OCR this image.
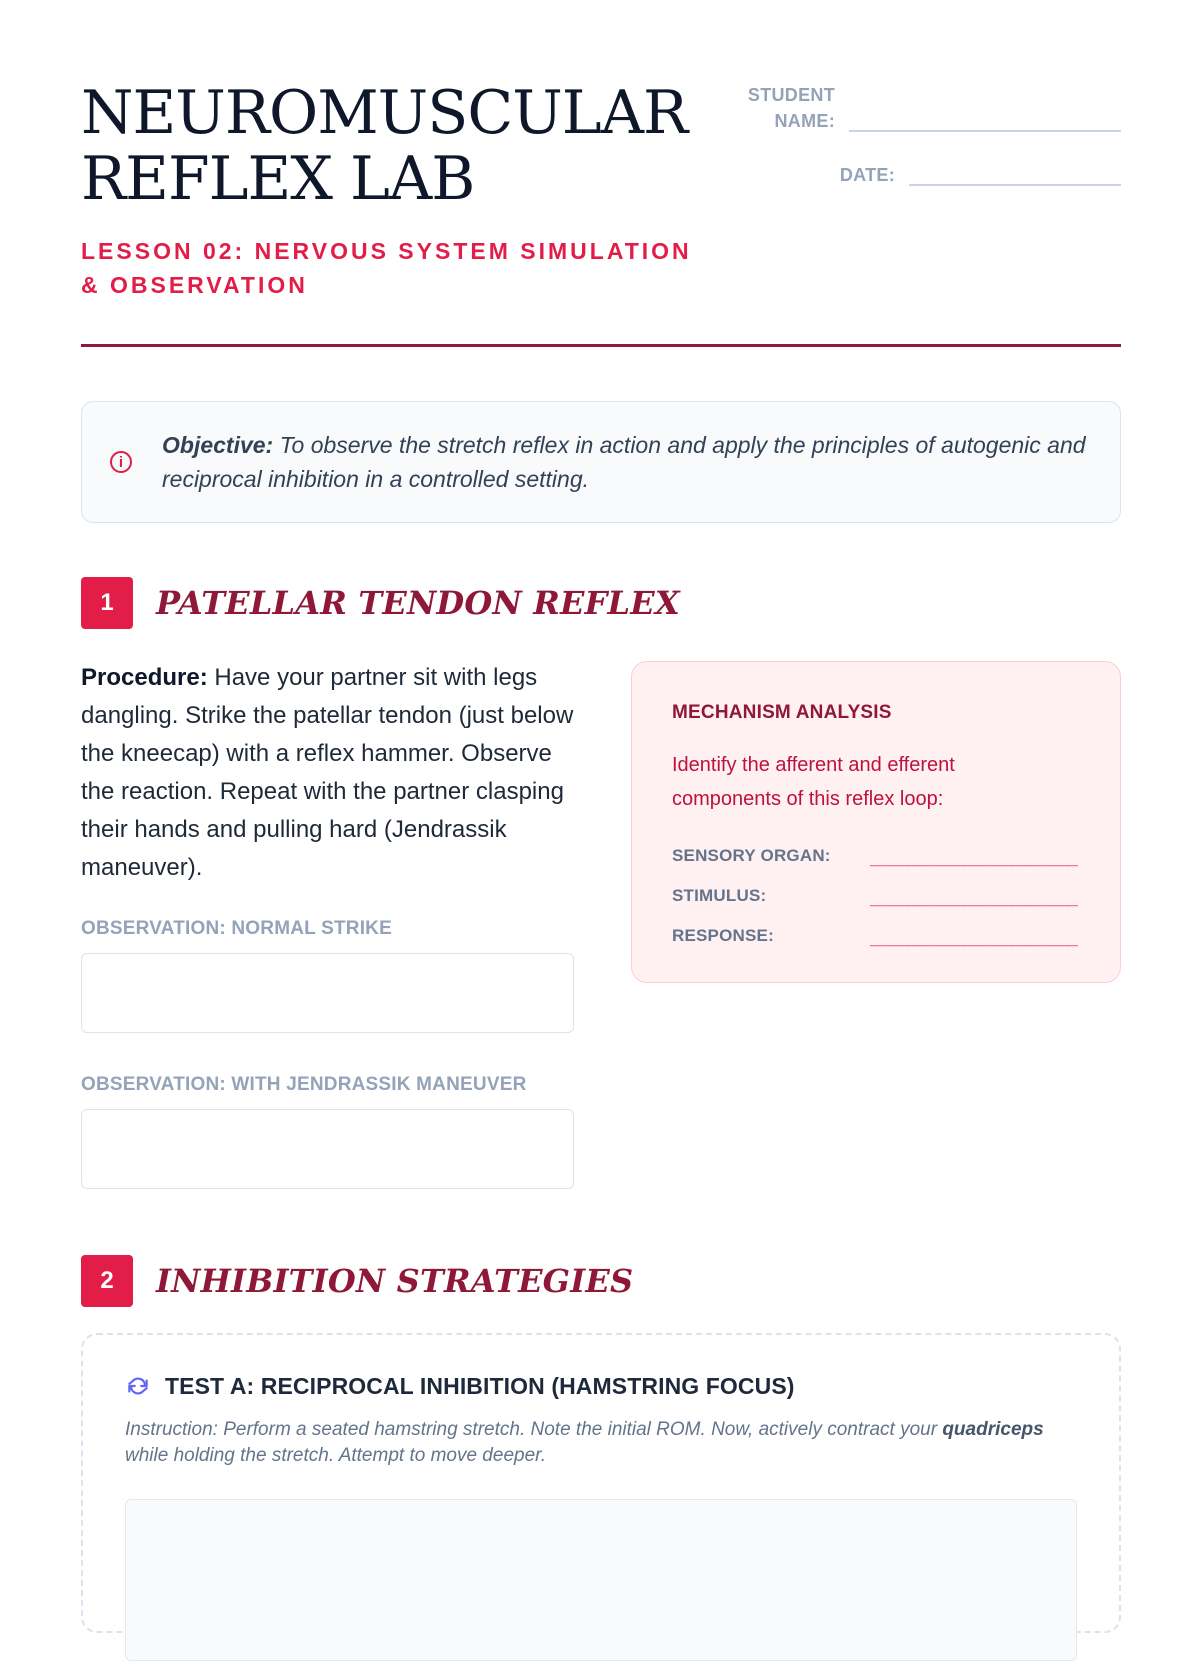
NEUROMUSCULAR
REFLEX LAB
LESSON 02: NERVOUS SYSTEM SIMULATION & OBSERVATION
STUDENT
NAME:
DATE:
i
Objective: To observe the stretch reflex in action and apply the principles of autogenic and reciprocal inhibition in a controlled setting.
1	PATELLAR TENDON REFLEX

Procedure: Have your partner sit with legs dangling. Strike the patellar tendon (just below the kneecap) with a reflex hammer. Observe the reaction. Repeat with the partner clasping their hands and pulling hard (Jendrassik maneuver).

OBSERVATION: NORMAL STRIKE
OBSERVATION: WITH JENDRASSIK MANEUVER
MECHANISM ANALYSIS
Identify the afferent and efferent components of this reflex loop:
SENSORY ORGAN:	______________________
STIMULUS:	______________________
RESPONSE:	______________________
2	INHIBITION STRATEGIES
TEST A: RECIPROCAL INHIBITION (HAMSTRING FOCUS)
Instruction: Perform a seated hamstring stretch. Note the initial ROM. Now, actively contract your quadriceps while holding the stretch. Attempt to move deeper.
